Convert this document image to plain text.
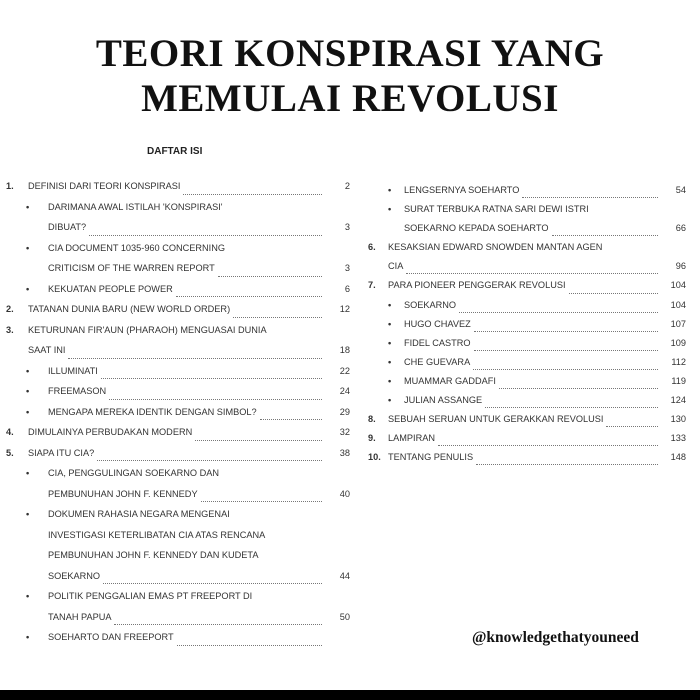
TEORI KONSPIRASI YANG
MEMULAI REVOLUSI
DAFTAR ISI
1.	DEFINISI DARI TEORI KONSPIRASI	2
•	DARIMANA AWAL ISTILAH 'KONSPIRASI'
DIBUAT?	3
•	CIA DOCUMENT 1035-960 CONCERNING
CRITICISM OF THE WARREN REPORT	3
•	KEKUATAN PEOPLE POWER	6
2.	TATANAN DUNIA BARU (NEW WORLD ORDER)	12
3.	KETURUNAN FIR'AUN (PHARAOH) MENGUASAI DUNIA
SAAT INI	18
•	ILLUMINATI	22
•	FREEMASON	24
•	MENGAPA MEREKA IDENTIK DENGAN SIMBOL?	29
4.	DIMULAINYA PERBUDAKAN MODERN	32
5.	SIAPA ITU CIA?	38
•	CIA, PENGGULINGAN SOEKARNO DAN
PEMBUNUHAN JOHN F. KENNEDY	40
•	DOKUMEN RAHASIA NEGARA MENGENAI
INVESTIGASI KETERLIBATAN CIA ATAS RENCANA
PEMBUNUHAN JOHN F. KENNEDY DAN KUDETA
SOEKARNO	44
•	POLITIK PENGGALIAN EMAS PT FREEPORT DI
TANAH PAPUA	50
•	SOEHARTO DAN FREEPORT
•	LENGSERNYA SOEHARTO	54
•	SURAT TERBUKA RATNA SARI DEWI ISTRI
SOEKARNO KEPADA SOEHARTO	66
6.	KESAKSIAN EDWARD SNOWDEN MANTAN AGEN
CIA	96
7.	PARA PIONEER PENGGERAK REVOLUSI	104
•	SOEKARNO	104
•	HUGO CHAVEZ	107
•	FIDEL CASTRO	109
•	CHE GUEVARA	112
•	MUAMMAR GADDAFI	119
•	JULIAN ASSANGE	124
8.	SEBUAH SERUAN UNTUK GERAKKAN REVOLUSI	130
9.	LAMPIRAN	133
10. TENTANG PENULIS	148
@knowledgethatyouneed
